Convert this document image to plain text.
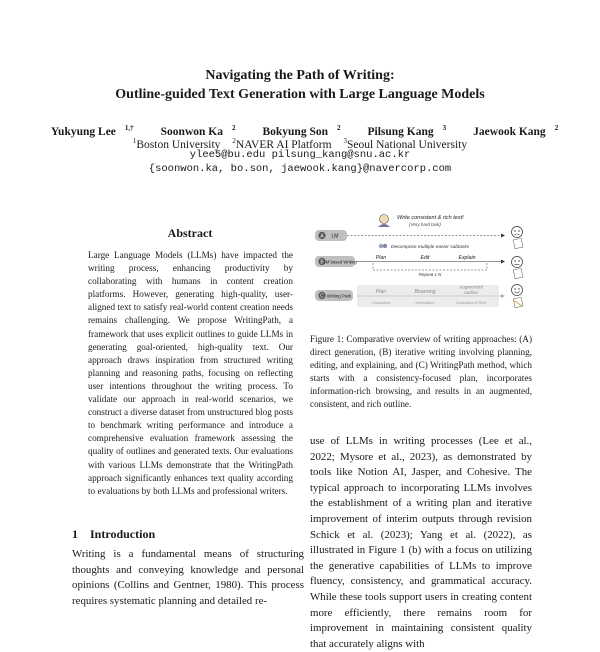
Navigating the Path of Writing:
Outline-guided Text Generation with Large Language Models
Yukyung Lee $^{1,\dagger}$ Soonwon Ka $^2$ Bokyung Son $^2$ Pilsung Kang $^3$ Jaewook Kang $^2$
$^1$Boston University $^2$NAVER AI Platform $^3$Seoul National University
ylee5@bu.edu pilsung_kang@snu.ac.kr
{soonwon.ka, bo.son, jaewook.kang}@navercorp.com
Abstract
Large Language Models (LLMs) have impacted the writing process, enhancing productivity by collaborating with humans in content creation platforms. However, generating high-quality, user-aligned text to satisfy real-world content creation needs remains challenging. We propose WritingPath, a framework that uses explicit outlines to guide LLMs in generating goal-oriented, high-quality text. Our approach draws inspiration from structured writing planning and reasoning paths, focusing on reflecting user intentions throughout the writing process. To validate our approach in real-world scenarios, we construct a diverse dataset from unstructured blog posts to benchmark writing performance and introduce a comprehensive evaluation framework assessing the quality of outlines and generated texts. Our evaluations with various LLMs demonstrate that the WritingPath approach significantly enhances text quality according to evaluations by both LLMs and professional writers.
1 Introduction
Writing is a fundamental means of structuring thoughts and conveying knowledge and personal opinions (Collins and Gentner, 1980). This process requires systematic planning and detailed re-
Write consistent & rich text!
(Very hard task)
A LM
Decompose multiple easier subtasks
B LM based Writing
Plan	Edit	Explain
Repeat x N
C Writing Path
Plan
Consistent
Browsing
Information
Augmented
outline
Consistent & Rich
Figure 1: Comparative overview of writing approaches: (A) direct generation, (B) iterative writing involving planning, editing, and explaining, and (C) WritingPath method, which starts with a consistency-focused plan, incorporates information-rich browsing, and results in an augmented, consistent, and rich outline.
use of LLMs in writing processes (Lee et al., 2022; Mysore et al., 2023), as demonstrated by tools like Notion AI, Jasper, and Cohesive. The typical approach to incorporating LLMs involves the establishment of a writing plan and iterative improvement of interim outputs through revision Schick et al. (2023); Yang et al. (2022), as illustrated in Figure 1 (b) with a focus on utilizing the generative capabilities of LLMs to improve fluency, consistency, and grammatical accuracy. While these tools support users in creating content more efficiently, there remains room for improvement in maintaining consistent quality that accurately aligns with
